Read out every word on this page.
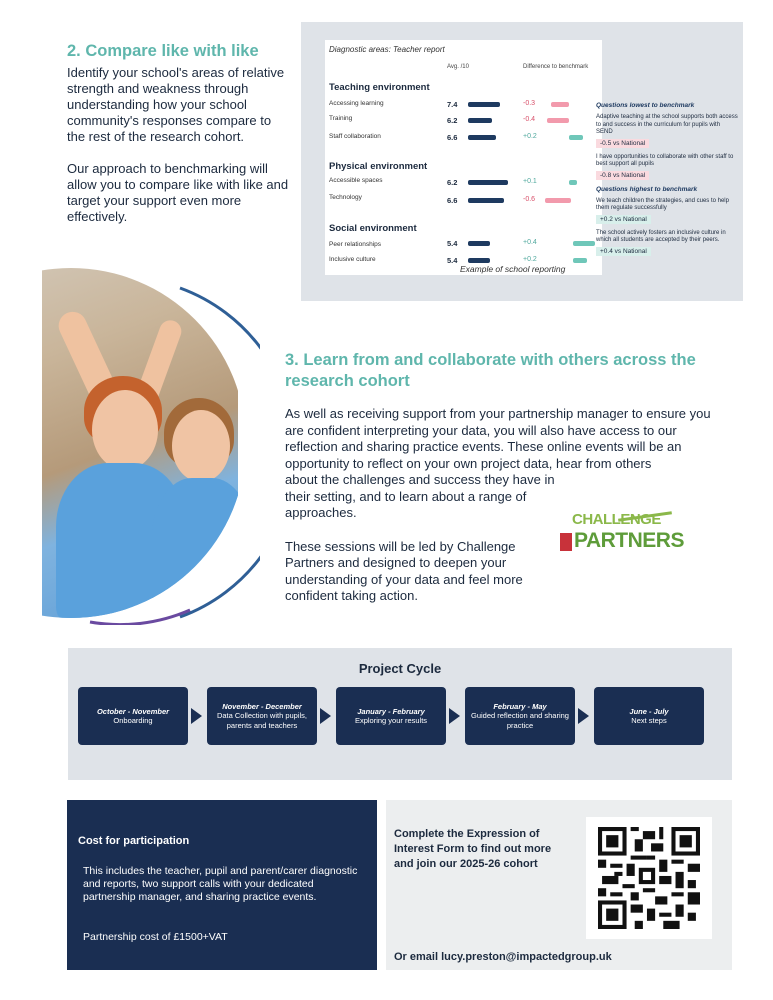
2. Compare like with like

Identify your school's areas of relative strength and weakness through understanding how your school community's responses compare to the rest of the research cohort.

Our approach to benchmarking will allow you to compare like with like and target your support even more effectively.

Diagnostic areas: Teacher report
Avg. /10	Difference to benchmark
Teaching environment
Accessing learning	7.4	-0.3
Training	6.2	-0.4
Staff collaboration	6.6	+0.2
Physical environment
Accessible spaces	6.2	+0.1
Technology	6.6	-0.6
Social environment
Peer relationships	5.4	+0.4
Inclusive culture	5.4	+0.2
Questions lowest to benchmark
Adaptive teaching at the school supports both access to and success in the curriculum for pupils with SEND
-0.5 vs National
I have opportunities to collaborate with other staff to best support all pupils
-0.8 vs National
Questions highest to benchmark
We teach children the strategies, and cues to help them regulate successfully
+0.2 vs National
The school actively fosters an inclusive culture in which all students are accepted by their peers.
+0.4 vs National
Example of school reporting
3. Learn from and collaborate with others across the research cohort
As well as receiving support from your partnership manager to ensure you are confident interpreting your data, you will also have access to our reflection and sharing practice events. These online events will be an opportunity to reflect on your own project data, hear from others
about the challenges and success they have in their setting, and to learn about a range of approaches.
These sessions will be led by Challenge Partners and designed to deepen your understanding of your data and feel more confident taking action.
CHALLENGE
PARTNERS
Project Cycle
October - November
Onboarding
November - December
Data Collection with pupils, parents and teachers
January - February
Exploring your results
February - May
Guided reflection and sharing practice
June - July
Next steps
Cost for participation
This includes the teacher, pupil and parent/carer diagnostic and reports, two support calls with your dedicated partnership manager, and sharing practice events.
Partnership cost of £1500+VAT
Complete the Expression of Interest Form to find out more and join our 2025-26 cohort
Or email lucy.preston@impactedgroup.uk
